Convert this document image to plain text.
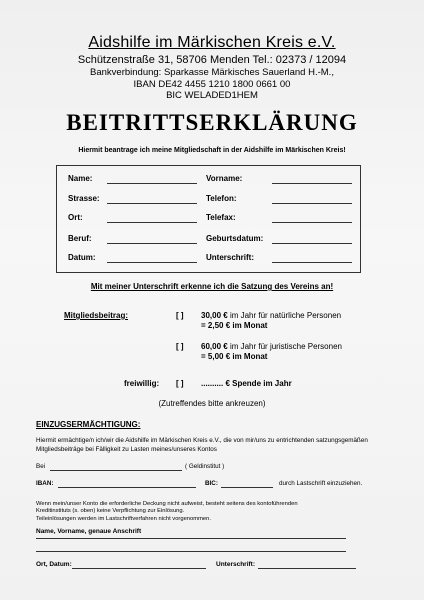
Aidshilfe im Märkischen Kreis e.V.
Schützenstraße 31, 58706 Menden Tel.: 02373 / 12094
Bankverbindung: Sparkasse Märkisches Sauerland H.-M.,
IBAN DE42 4455 1210 1800 0661 00
BIC WELADED1HEM
BEITRITTSERKLÄRUNG
Hiermit beantrage ich meine Mitgliedschaft in der Aidshilfe im Märkischen Kreis!
Name:	Vorname:
Strasse:	Telefon:
Ort:	Telefax:
Beruf:	Geburtsdatum:
Datum:	Unterschrift:
Mit meiner Unterschrift erkenne ich die Satzung des Vereins an!
Mitgliedsbeitrag:	[ ] 30,00 € im Jahr für natürliche Personen
= 2,50 € im Monat
[ ] 60,00 € im Jahr für juristische Personen
= 5,00 € im Monat
freiwillig: [ ] .......... € Spende im Jahr
(Zutreffendes bitte ankreuzen)
EINZUGSERMÄCHTIGUNG:
Hiermit ermächtige/n ich/wir die Aidshilfe im Märkischen Kreis e.V., die von mir/uns zu entrichtenden satzungsgemäßen Mitgliedsbeiträge bei Fälligkeit zu Lasten meines/unseres Kontos
Bei	( Geldinstitut )
IBAN:	BIC:	durch Lastschrift einzuziehen.
Wenn mein/unser Konto die erforderliche Deckung nicht aufweist, besteht seitens des kontoführenden
Kreditinstituts (s. oben) keine Verpflichtung zur Einlösung.
Teileinlösungen werden im Lastschriftverfahren nicht vorgenommen.
Name, Vorname, genaue Anschrift
Ort, Datum:	Unterschrift:
